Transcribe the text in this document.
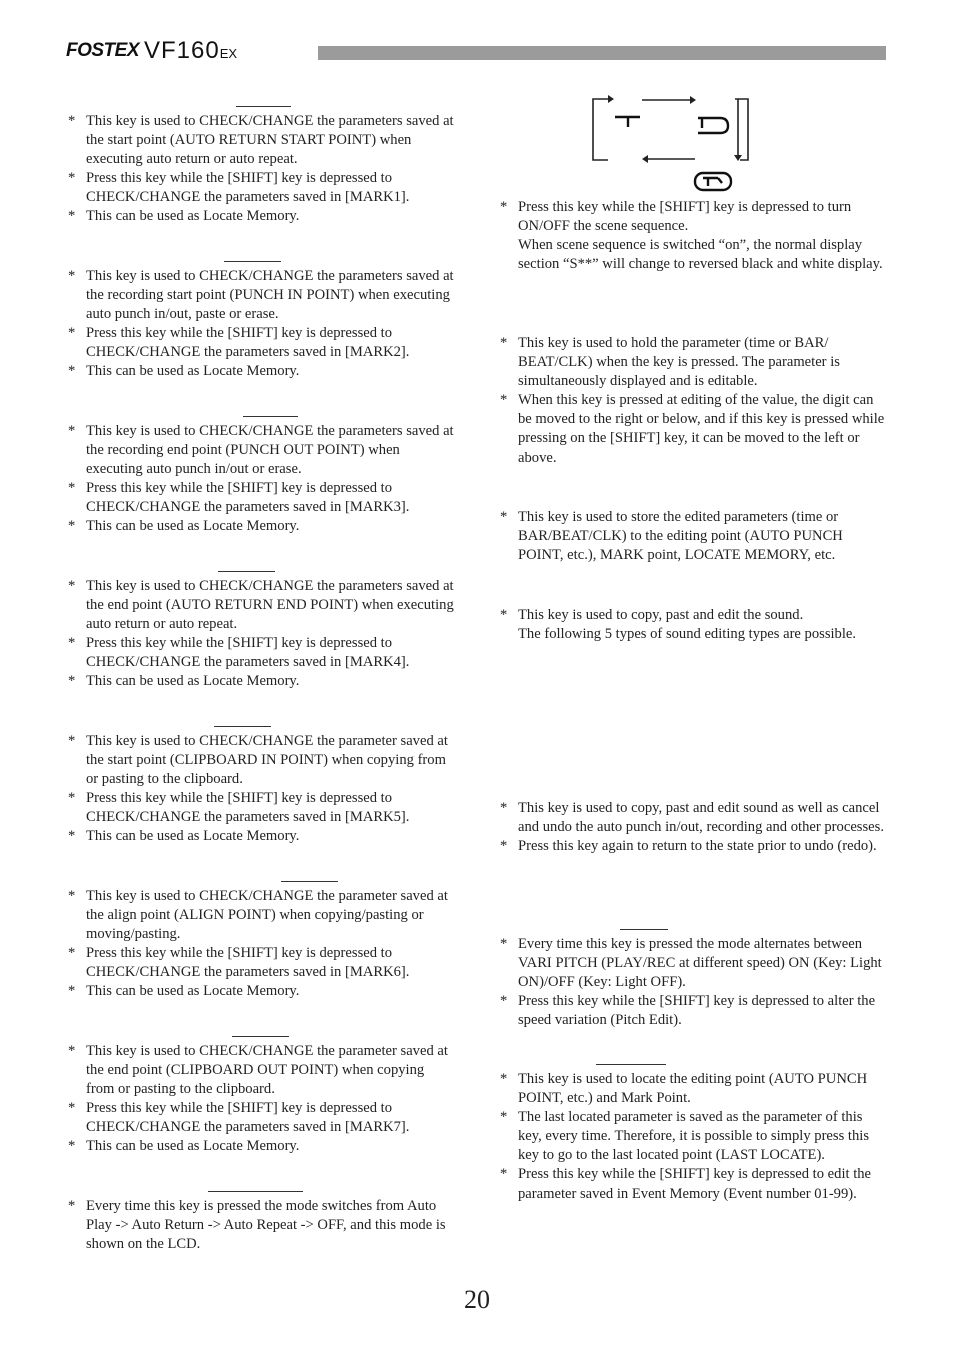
FOSTEX VF160EX
* This key is used to CHECK/CHANGE the parameters saved at the start point (AUTO RETURN START POINT) when executing auto return or auto repeat.
* Press this key while the [SHIFT] key is depressed to CHECK/CHANGE the parameters saved in [MARK1].
* This can be used as Locate Memory.
* This key is used to CHECK/CHANGE the parameters saved at the recording start point (PUNCH IN POINT) when executing auto punch in/out, paste or erase.
* Press this key while the [SHIFT] key is depressed to CHECK/CHANGE the parameters saved in [MARK2].
* This can be used as Locate Memory.
* This key is used to CHECK/CHANGE the parameters saved at the recording end point (PUNCH OUT POINT) when executing auto punch in/out or erase.
* Press this key while the [SHIFT] key is depressed to CHECK/CHANGE the parameters saved in [MARK3].
* This can be used as Locate Memory.
* This key is used to CHECK/CHANGE the parameters saved at the end point (AUTO RETURN END POINT) when executing auto return or auto repeat.
* Press this key while the [SHIFT] key is depressed to CHECK/CHANGE the parameters saved in [MARK4].
* This can be used as Locate Memory.
* This key is used to CHECK/CHANGE the parameter saved at the start point (CLIPBOARD IN POINT) when copying from or pasting to the clipboard.
* Press this key while the [SHIFT] key is depressed to CHECK/CHANGE the parameters saved in [MARK5].
* This can be used as Locate Memory.
* This key is used to CHECK/CHANGE the parameter saved at the align point (ALIGN POINT) when copying/pasting or moving/pasting.
* Press this key while the [SHIFT] key is depressed to CHECK/CHANGE the parameters saved in [MARK6].
* This can be used as Locate Memory.
* This key is used to CHECK/CHANGE the parameter saved at the end point (CLIPBOARD OUT POINT) when copying from or pasting to the clipboard.
* Press this key while the [SHIFT] key is depressed to CHECK/CHANGE the parameters saved in [MARK7].
* This can be used as Locate Memory.
* Every time this key is pressed the mode switches from Auto Play -> Auto Return -> Auto Repeat -> OFF, and this mode is shown on the LCD.
* Press this key while the [SHIFT] key is depressed to turn ON/OFF the scene sequence.
When scene sequence is switched “on”, the normal display section “S**” will change to reversed black and white display.
* This key is used to hold the parameter (time or BAR/ BEAT/CLK) when the key is pressed. The parameter is simultaneously displayed and is editable.
* When this key is pressed at editing of the value, the digit can be moved to the right or below, and if this key is pressed while pressing on the [SHIFT] key, it can be moved to the left or above.
* This key is used to store the edited parameters (time or BAR/BEAT/CLK) to the editing point (AUTO PUNCH POINT, etc.), MARK point, LOCATE MEMORY, etc.
* This key is used to copy, past and edit the sound.
The following 5 types of sound editing types are possible.
* This key is used to copy, past and edit sound as well as cancel and undo the auto punch in/out, recording and other processes.
* Press this key again to return to the state prior to undo (redo).
* Every time this key is pressed the mode alternates between VARI PITCH (PLAY/REC at different speed) ON (Key: Light ON)/OFF (Key: Light OFF).
* Press this key while the [SHIFT] key is depressed to alter the speed variation (Pitch Edit).
* This key is used to locate the editing point (AUTO PUNCH POINT, etc.) and Mark Point.
* The last located parameter is saved as the parameter of this key, every time. Therefore, it is possible to simply press this key to go to the last located point (LAST LOCATE).
* Press this key while the [SHIFT] key is depressed to edit the parameter saved in Event Memory (Event number 01-99).
20
